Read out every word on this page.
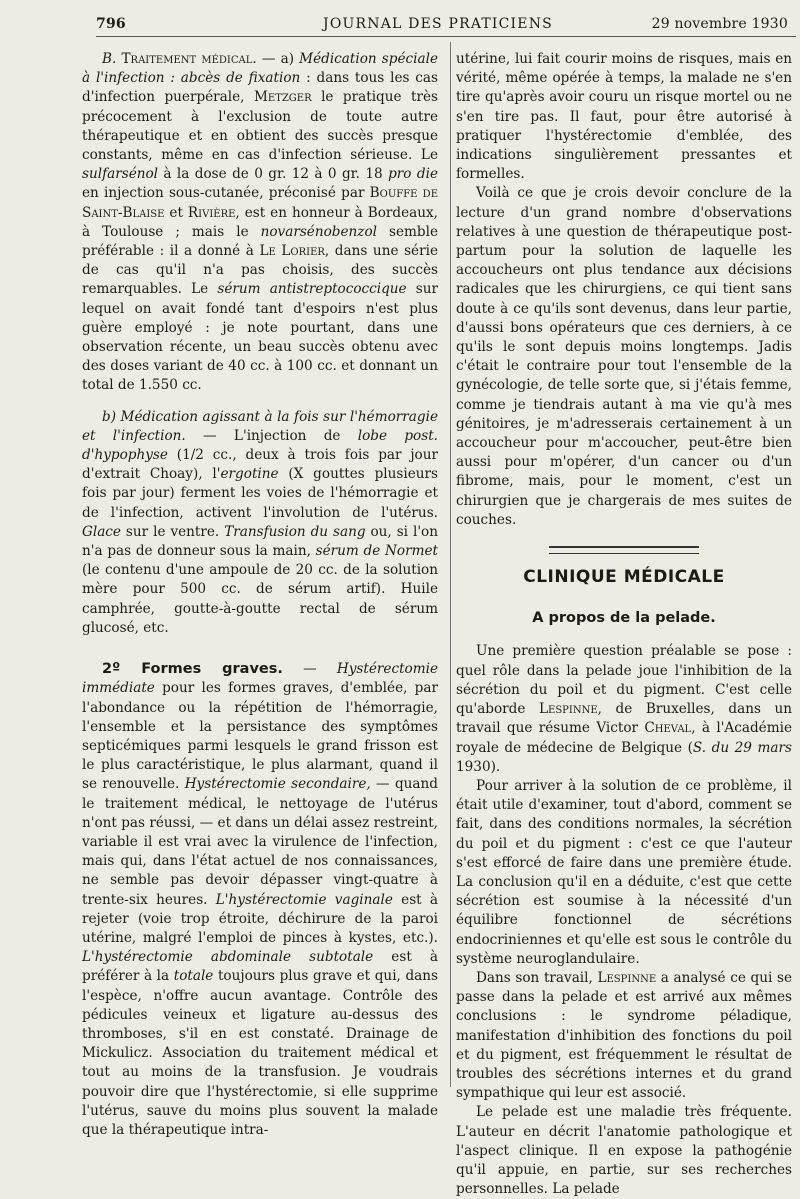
796	JOURNAL DES PRATICIENS	29 novembre 1930

B. Traitement médical. — a) Médication spéciale à l'infection : abcès de fixation : dans tous les cas d'infection puerpérale, Metzger le pratique très précocement à l'exclusion de toute autre thérapeutique et en obtient des succès presque constants, même en cas d'infection sérieuse. Le sulfarsénol à la dose de 0 gr. 12 à 0 gr. 18 pro die en injection sous-cutanée, préconisé par Bouffe de Saint-Blaise et Rivière, est en honneur à Bordeaux, à Toulouse ; mais le novarsénobenzol semble préférable : il a donné à Le Lorier, dans une série de cas qu'il n'a pas choisis, des succès remarquables. Le sérum antistreptococcique sur lequel on avait fondé tant d'espoirs n'est plus guère employé : je note pourtant, dans une observation récente, un beau succès obtenu avec des doses variant de 40 cc. à 100 cc. et donnant un total de 1.550 cc.

b) Médication agissant à la fois sur l'hémorragie et l'infection. — L'injection de lobe post. d'hypophyse (1/2 cc., deux à trois fois par jour d'extrait Choay), l'ergotine (X gouttes plusieurs fois par jour) ferment les voies de l'hémorragie et de l'infection, activent l'involution de l'utérus. Glace sur le ventre. Transfusion du sang ou, si l'on n'a pas de donneur sous la main, sérum de Normet (le contenu d'une ampoule de 20 cc. de la solution mère pour 500 cc. de sérum artif). Huile camphrée, goutte-à-goutte rectal de sérum glucosé, etc.

2º Formes graves. — Hystérectomie immédiate pour les formes graves, d'emblée, par l'abondance ou la répétition de l'hémorragie, l'ensemble et la persistance des symptômes septicémiques parmi lesquels le grand frisson est le plus caractéristique, le plus alarmant, quand il se renouvelle. Hystérectomie secondaire, — quand le traitement médical, le nettoyage de l'utérus n'ont pas réussi, — et dans un délai assez restreint, variable il est vrai avec la virulence de l'infection, mais qui, dans l'état actuel de nos connaissances, ne semble pas devoir dépasser vingt-quatre à trente-six heures. L'hystérectomie vaginale est à rejeter (voie trop étroite, déchirure de la paroi utérine, malgré l'emploi de pinces à kystes, etc.). L'hystérectomie abdominale subtotale est à préférer à la totale toujours plus grave et qui, dans l'espèce, n'offre aucun avantage. Contrôle des pédicules veineux et ligature au-dessus des thromboses, s'il en est constaté. Drainage de Mickulicz. Association du traitement médical et tout au moins de la transfusion. Je voudrais pouvoir dire que l'hystérectomie, si elle supprime l'utérus, sauve du moins plus souvent la malade que la thérapeutique intra-

utérine, lui fait courir moins de risques, mais en vérité, même opérée à temps, la malade ne s'en tire qu'après avoir couru un risque mortel ou ne s'en tire pas. Il faut, pour être autorisé à pratiquer l'hystérectomie d'emblée, des indications singulièrement pressantes et formelles.

Voilà ce que je crois devoir conclure de la lecture d'un grand nombre d'observations relatives à une question de thérapeutique post-partum pour la solution de laquelle les accoucheurs ont plus tendance aux décisions radicales que les chirurgiens, ce qui tient sans doute à ce qu'ils sont devenus, dans leur partie, d'aussi bons opérateurs que ces derniers, à ce qu'ils le sont depuis moins longtemps. Jadis c'était le contraire pour tout l'ensemble de la gynécologie, de telle sorte que, si j'étais femme, comme je tiendrais autant à ma vie qu'à mes génitoires, je m'adresserais certainement à un accoucheur pour m'accoucher, peut-être bien aussi pour m'opérer, d'un cancer ou d'un fibrome, mais, pour le moment, c'est un chirurgien que je chargerais de mes suites de couches.

CLINIQUE MÉDICALE
A propos de la pelade.

Une première question préalable se pose : quel rôle dans la pelade joue l'inhibition de la sécrétion du poil et du pigment. C'est celle qu'aborde Lespinne, de Bruxelles, dans un travail que résume Victor Cheval, à l'Académie royale de médecine de Belgique (S. du 29 mars 1930).

Pour arriver à la solution de ce problème, il était utile d'examiner, tout d'abord, comment se fait, dans des conditions normales, la sécrétion du poil et du pigment : c'est ce que l'auteur s'est efforcé de faire dans une première étude. La conclusion qu'il en a déduite, c'est que cette sécrétion est soumise à la nécessité d'un équilibre fonctionnel de sécrétions endocriniennes et qu'elle est sous le contrôle du système neuroglandulaire.

Dans son travail, Lespinne a analysé ce qui se passe dans la pelade et est arrivé aux mêmes conclusions : le syndrome péladique, manifestation d'inhibition des fonctions du poil et du pigment, est fréquemment le résultat de troubles des sécrétions internes et du grand sympathique qui leur est associé.

Le pelade est une maladie très fréquente. L'auteur en décrit l'anatomie pathologique et l'aspect clinique. Il en expose la pathogénie qu'il appuie, en partie, sur ses recherches personnelles. La pelade
